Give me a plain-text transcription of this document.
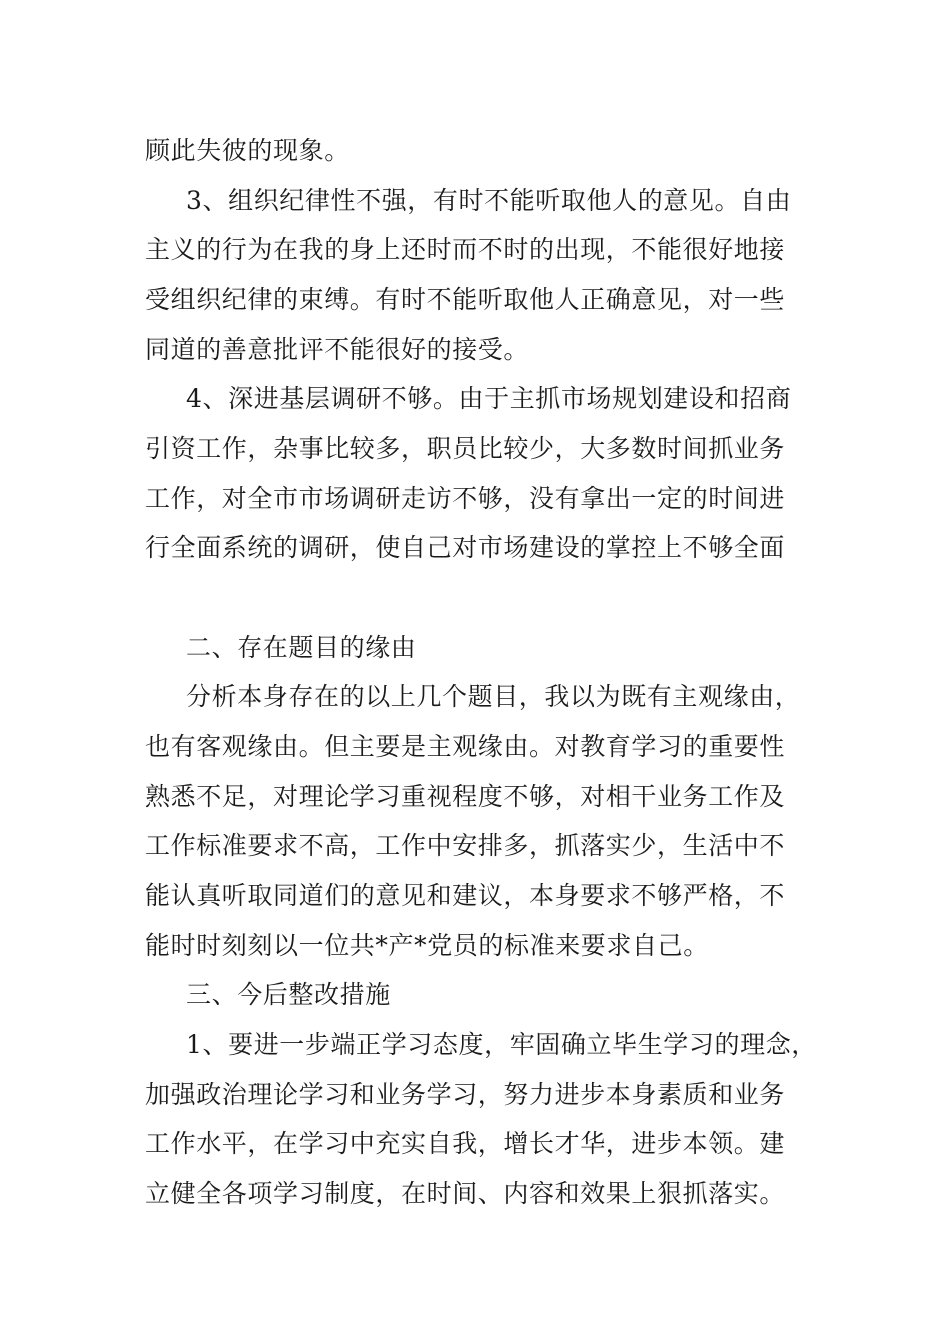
顾此失彼的现象。
3、组织纪律性不强，有时不能听取他人的意见。自由
主义的行为在我的身上还时而不时的出现，不能很好地接
受组织纪律的束缚。有时不能听取他人正确意见，对一些
同道的善意批评不能很好的接受。
4、深进基层调研不够。由于主抓市场规划建设和招商
引资工作，杂事比较多，职员比较少，大多数时间抓业务
工作，对全市市场调研走访不够，没有拿出一定的时间进
行全面系统的调研，使自己对市场建设的掌控上不够全面
二、存在题目的缘由
分析本身存在的以上几个题目，我以为既有主观缘由，
也有客观缘由。但主要是主观缘由。对教育学习的重要性
熟悉不足，对理论学习重视程度不够，对相干业务工作及
工作标准要求不高，工作中安排多，抓落实少，生活中不
能认真听取同道们的意见和建议，本身要求不够严格，不
能时时刻刻以一位共*产*党员的标准来要求自己。
三、今后整改措施
1、要进一步端正学习态度，牢固确立毕生学习的理念，
加强政治理论学习和业务学习，努力进步本身素质和业务
工作水平，在学习中充实自我，增长才华，进步本领。建
立健全各项学习制度，在时间、内容和效果上狠抓落实。
